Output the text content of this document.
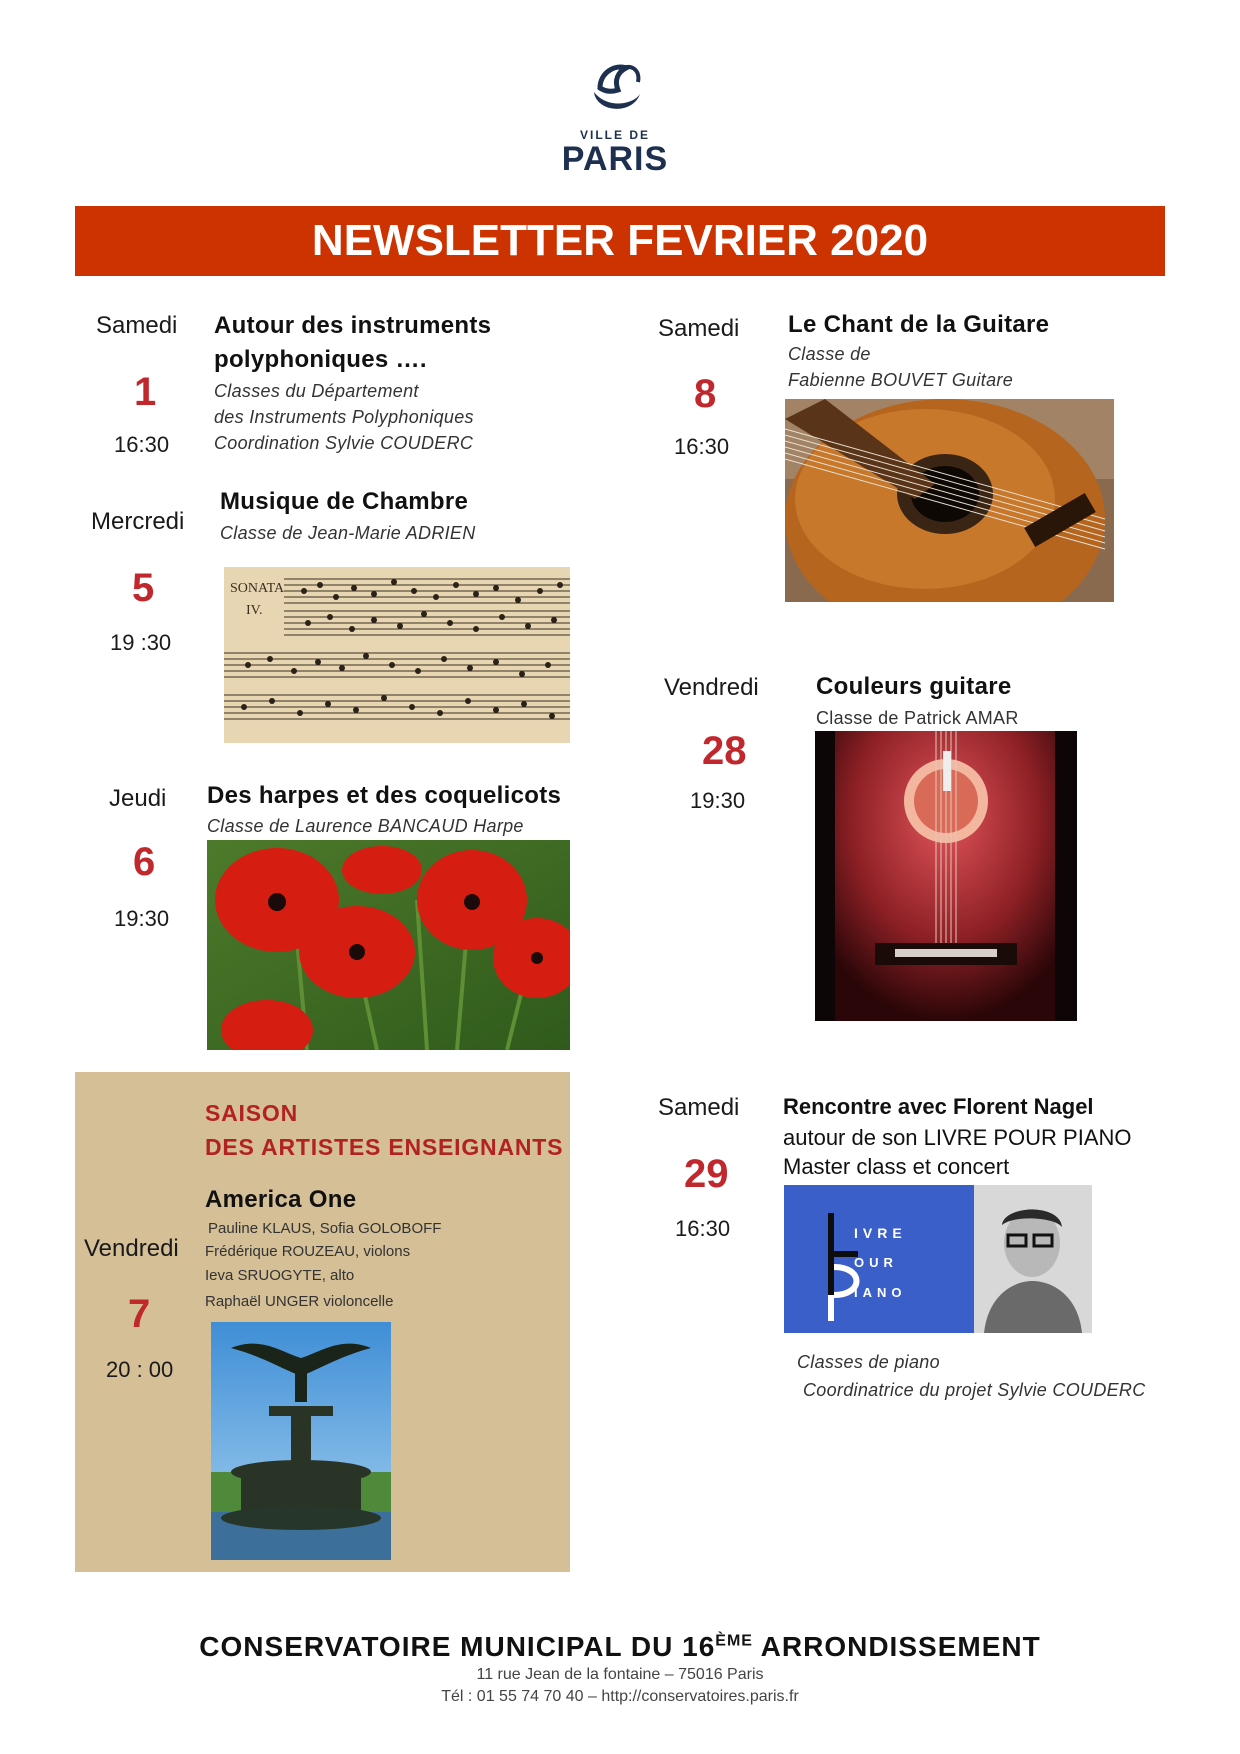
VILLE DE
PARIS
NEWSLETTER FEVRIER 2020
Samedi
1
16:30
Autour des instruments
polyphoniques ….
Classes du Département
des Instruments Polyphoniques
Coordination Sylvie COUDERC
Mercredi
5
19 :30
Musique de Chambre
Classe de Jean-Marie ADRIEN
SONATA
IV.
Jeudi
6
19:30
Des harpes et des coquelicots
Classe de Laurence BANCAUD Harpe
Samedi
8
16:30
Le Chant de la Guitare
Classe de
Fabienne BOUVET Guitare
Vendredi
28
19:30
Couleurs guitare
Classe de Patrick AMAR
Samedi
29
16:30
Rencontre avec Florent Nagel
autour de son LIVRE POUR PIANO
Master class et concert
IVRE
OUR
IANO
Classes de piano
Coordinatrice du projet Sylvie COUDERC
SAISON
DES ARTISTES ENSEIGNANTS
America One
Pauline KLAUS, Sofia GOLOBOFF
Frédérique ROUZEAU, violons
Ieva SRUOGYTE, alto
Raphaël UNGER violoncelle
Vendredi
7
20 : 00
CONSERVATOIRE MUNICIPAL DU 16ÈME ARRONDISSEMENT
11 rue Jean de la fontaine – 75016 Paris
Tél : 01 55 74 70 40 – http://conservatoires.paris.fr
